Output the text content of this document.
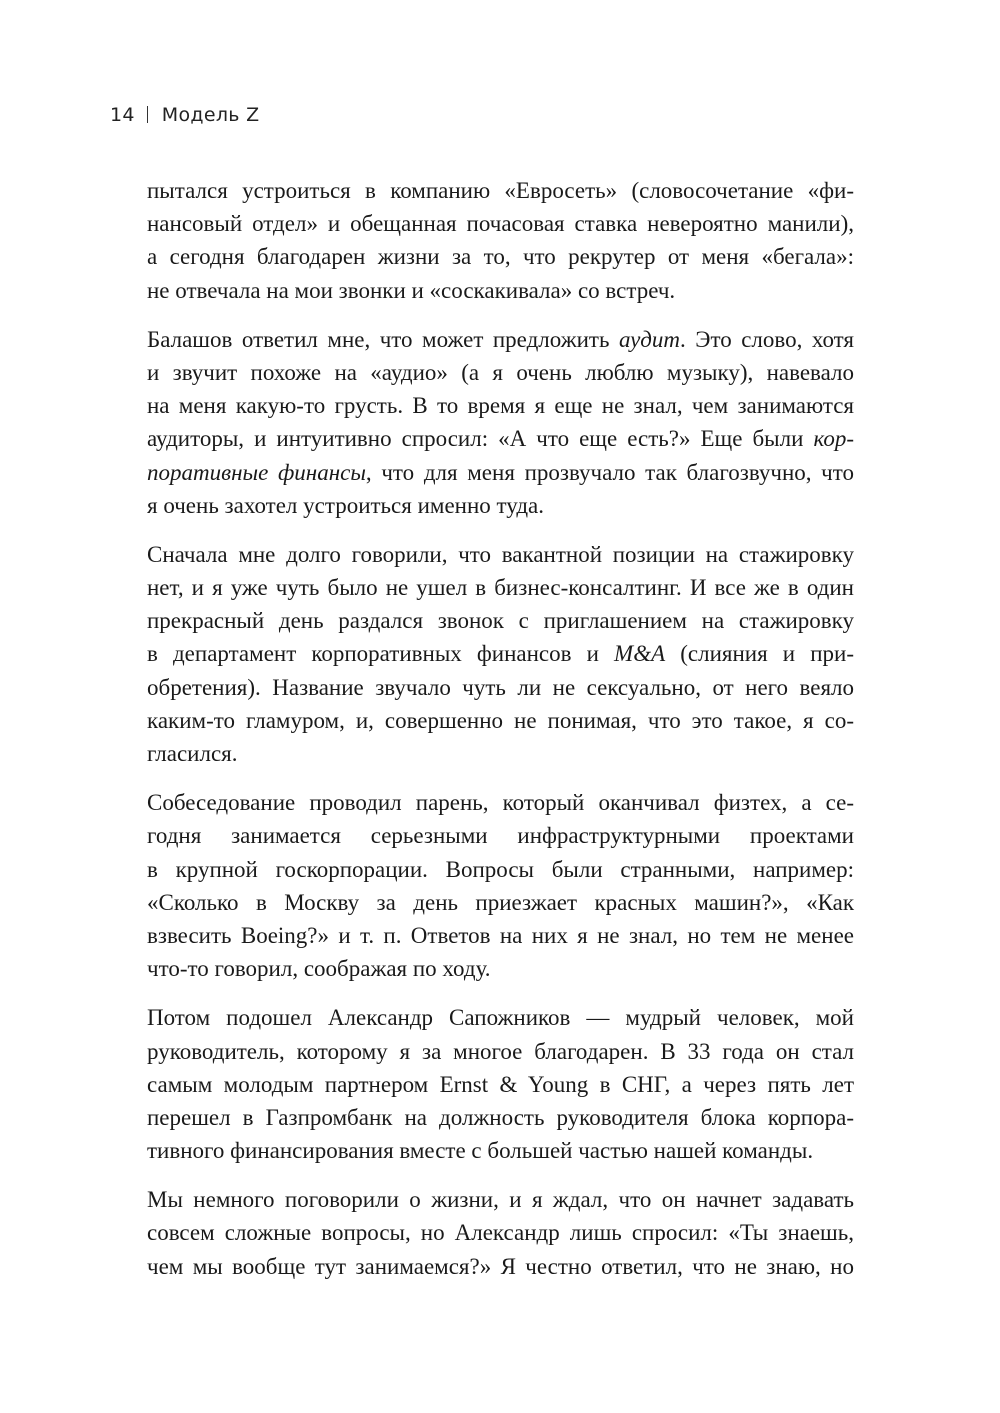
14 Модель Z
пытался устроиться в компанию «Евросеть» (словосочетание «фи-
нансовый отдел» и обещанная почасовая ставка невероятно манили),
а сегодня благодарен жизни за то, что рекрутер от меня «бегала»:
не отвечала на мои звонки и «соскакивала» со встреч.
Балашов ответил мне, что может предложить аудит. Это слово, хотя
и звучит похоже на «аудио» (а я очень люблю музыку), навевало
на меня какую-то грусть. В то время я еще не знал, чем занимаются
аудиторы, и интуитивно спросил: «А что еще есть?» Еще были кор-
поративные финансы, что для меня прозвучало так благозвучно, что
я очень захотел устроиться именно туда.
Сначала мне долго говорили, что вакантной позиции на стажировку
нет, и я уже чуть было не ушел в бизнес-консалтинг. И все же в один
прекрасный день раздался звонок с приглашением на стажировку
в департамент корпоративных финансов и M&A (слияния и при-
обретения). Название звучало чуть ли не сексуально, от него веяло
каким-то гламуром, и, совершенно не понимая, что это такое, я со-
гласился.
Собеседование проводил парень, который оканчивал физтех, а се-
годня занимается серьезными инфраструктурными проектами
в крупной госкорпорации. Вопросы были странными, например:
«Сколько в Москву за день приезжает красных машин?», «Как
взвесить Boeing?» и т. п. Ответов на них я не знал, но тем не менее
что-то говорил, соображая по ходу.
Потом подошел Александр Сапожников — мудрый человек, мой
руководитель, которому я за многое благодарен. В 33 года он стал
самым молодым партнером Ernst & Young в СНГ, а через пять лет
перешел в Газпромбанк на должность руководителя блока корпора-
тивного финансирования вместе с большей частью нашей команды.
Мы немного поговорили о жизни, и я ждал, что он начнет задавать
совсем сложные вопросы, но Александр лишь спросил: «Ты знаешь,
чем мы вообще тут занимаемся?» Я честно ответил, что не знаю, но
